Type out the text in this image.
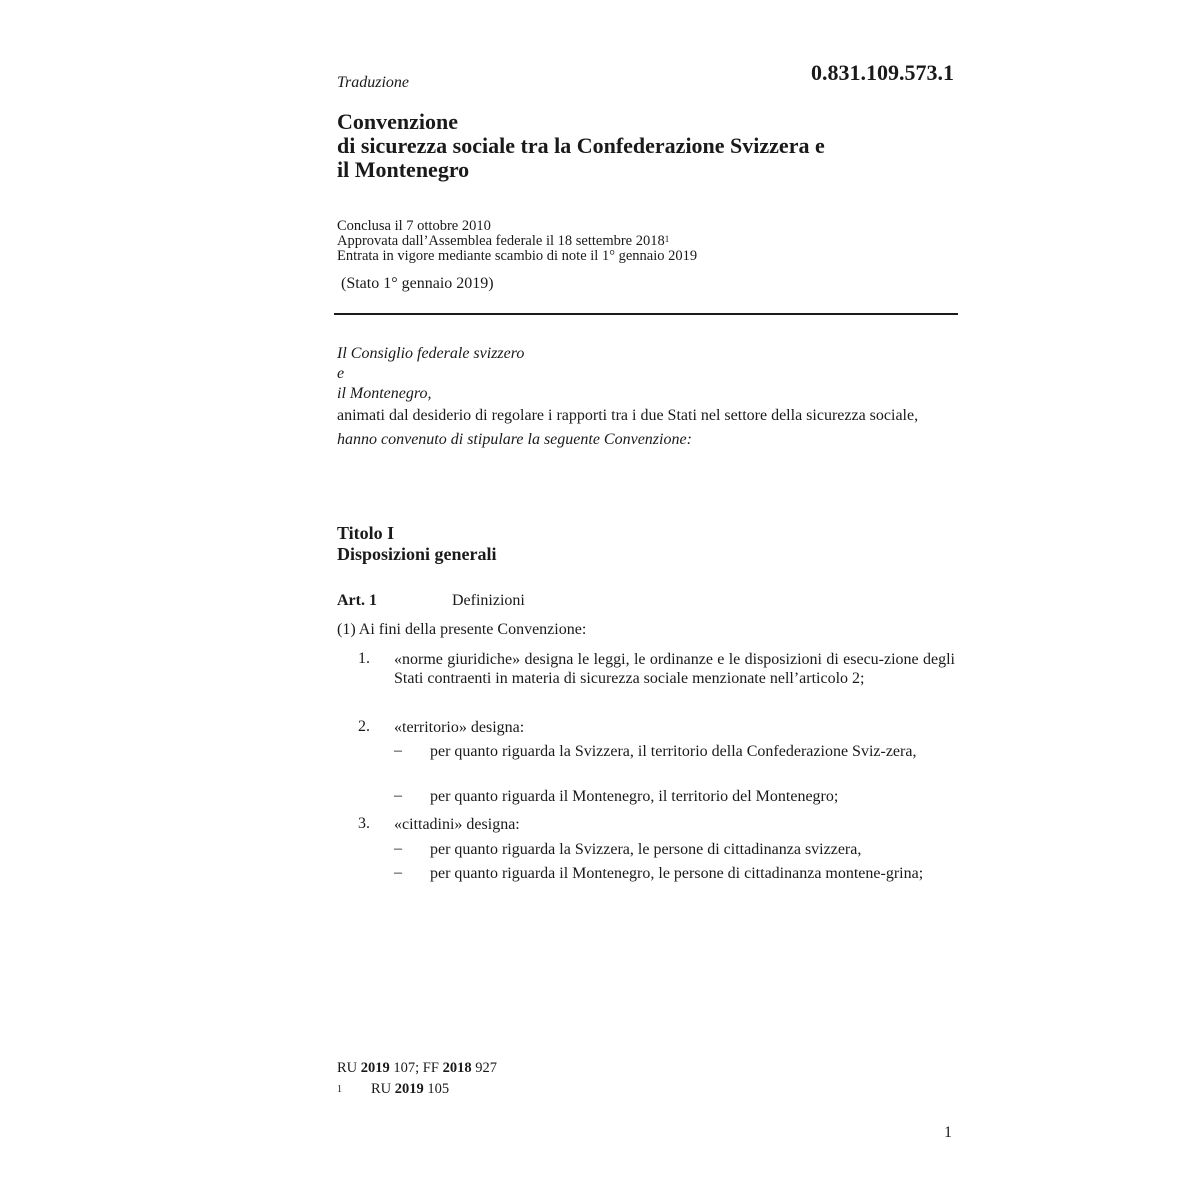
0.831.109.573.1
Traduzione
Convenzione
di sicurezza sociale tra la Confederazione Svizzera e
il Montenegro
Conclusa il 7 ottobre 2010
Approvata dall’Assemblea federale il 18 settembre 2018$^1$
Entrata in vigore mediante scambio di note il 1° gennaio 2019
(Stato 1° gennaio 2019)
Il Consiglio federale svizzero
e
il Montenegro,
animati dal desiderio di regolare i rapporti tra i due Stati nel settore della sicurezza sociale,
hanno convenuto di stipulare la seguente Convenzione:
Titolo I
Disposizioni generali
Art. 1	Definizioni
(1) Ai fini della presente Convenzione:
1. «norme giuridiche» designa le leggi, le ordinanze e le disposizioni di esecu-zione degli Stati contraenti in materia di sicurezza sociale menzionate nell’articolo 2;
2. «territorio» designa:
– per quanto riguarda la Svizzera, il territorio della Confederazione Sviz-zera,
– per quanto riguarda il Montenegro, il territorio del Montenegro;
3. «cittadini» designa:
– per quanto riguarda la Svizzera, le persone di cittadinanza svizzera,
– per quanto riguarda il Montenegro, le persone di cittadinanza montene-grina;
RU 2019 107; FF 2018 927
1 RU 2019 105
1
